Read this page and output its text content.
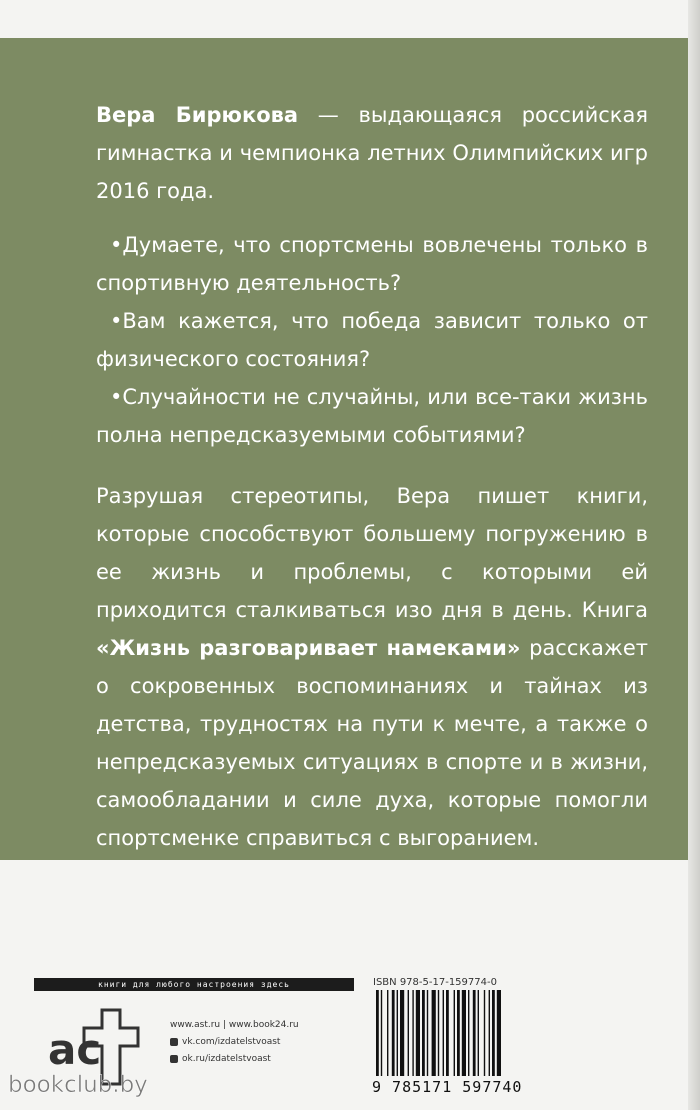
Вера Бирюкова — выдающаяся российская гимнастка и чемпионка летних Олимпийских игр 2016 года.

•Думаете, что спортсмены вовлечены только в спортивную деятельность?

•Вам кажется, что победа зависит только от физического состояния?

•Случайности не случайны, или все-таки жизнь полна непредсказуемыми событиями?

Разрушая стереотипы, Вера пишет книги, которые способствуют большему погружению в ее жизнь и проблемы, с которыми ей приходится сталкиваться изо дня в день. Книга «Жизнь разговаривает намеками» расскажет о сокровенных воспоминаниях и тайнах из детства, трудностях на пути к мечте, а также о непредсказуемых ситуациях в спорте и в жизни, самообладании и силе духа, которые помогли спортсменке справиться с выгоранием.

книги для любого настроения здесь	ISBN 978-5-17-159774-0
ac	www.ast.ru | www.book24.ru
vk.com/izdatelstvoast
ok.ru/izdatelstvoast
9 785171 597740
bookclub.by
